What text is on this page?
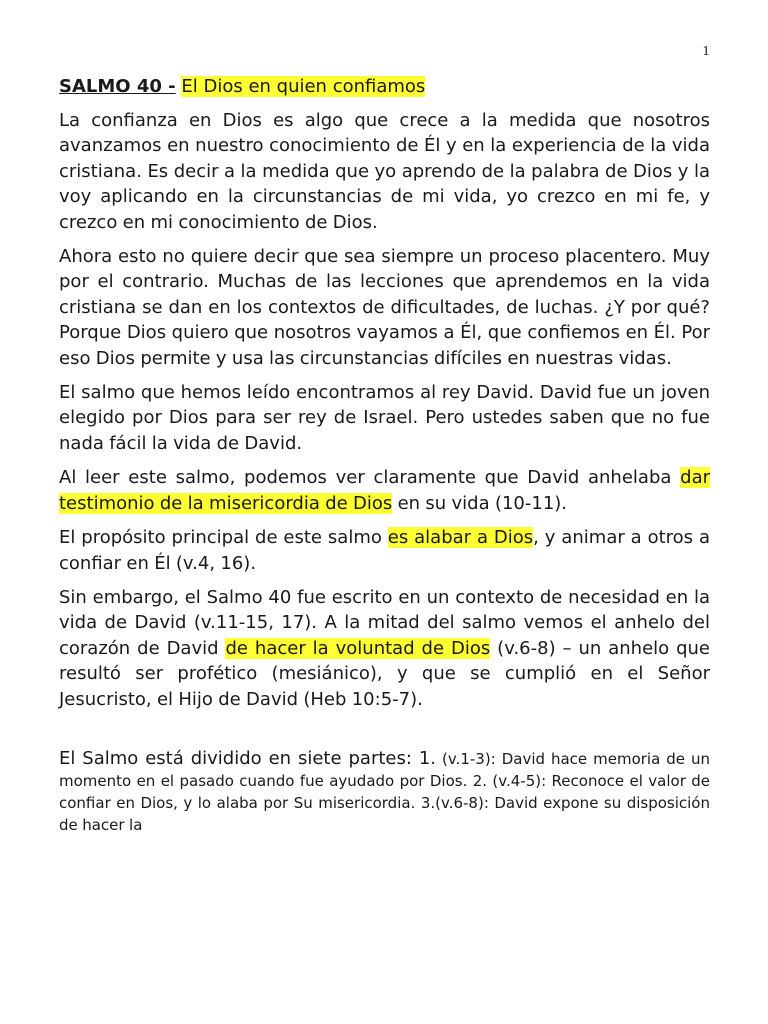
1
SALMO 40 - El Dios en quien confiamos

La confianza en Dios es algo que crece a la medida que nosotros avanzamos en nuestro conocimiento de Él y en la experiencia de la vida cristiana. Es decir a la medida que yo aprendo de la palabra de Dios y la voy aplicando en la circunstancias de mi vida, yo crezco en mi fe, y crezco en mi conocimiento de Dios.

Ahora esto no quiere decir que sea siempre un proceso placentero. Muy por el contrario. Muchas de las lecciones que aprendemos en la vida cristiana se dan en los contextos de dificultades, de luchas. ¿Y por qué? Porque Dios quiero que nosotros vayamos a Él, que confiemos en Él. Por eso Dios permite y usa las circunstancias difíciles en nuestras vidas.

El salmo que hemos leído encontramos al rey David. David fue un joven elegido por Dios para ser rey de Israel. Pero ustedes saben que no fue nada fácil la vida de David.

Al leer este salmo, podemos ver claramente que David anhelaba dar testimonio de la misericordia de Dios en su vida (10-11).

El propósito principal de este salmo es alabar a Dios, y animar a otros a confiar en Él (v.4, 16).

Sin embargo, el Salmo 40 fue escrito en un contexto de necesidad en la vida de David (v.11-15, 17). A la mitad del salmo vemos el anhelo del corazón de David de hacer la voluntad de Dios (v.6-8) – un anhelo que resultó ser profético (mesiánico), y que se cumplió en el Señor Jesucristo, el Hijo de David (Heb 10:5-7).

El Salmo está dividido en siete partes: 1. (v.1-3): David hace memoria de un momento en el pasado cuando fue ayudado por Dios. 2. (v.4-5): Reconoce el valor de confiar en Dios, y lo alaba por Su misericordia. 3.(v.6-8): David expone su disposición de hacer la
